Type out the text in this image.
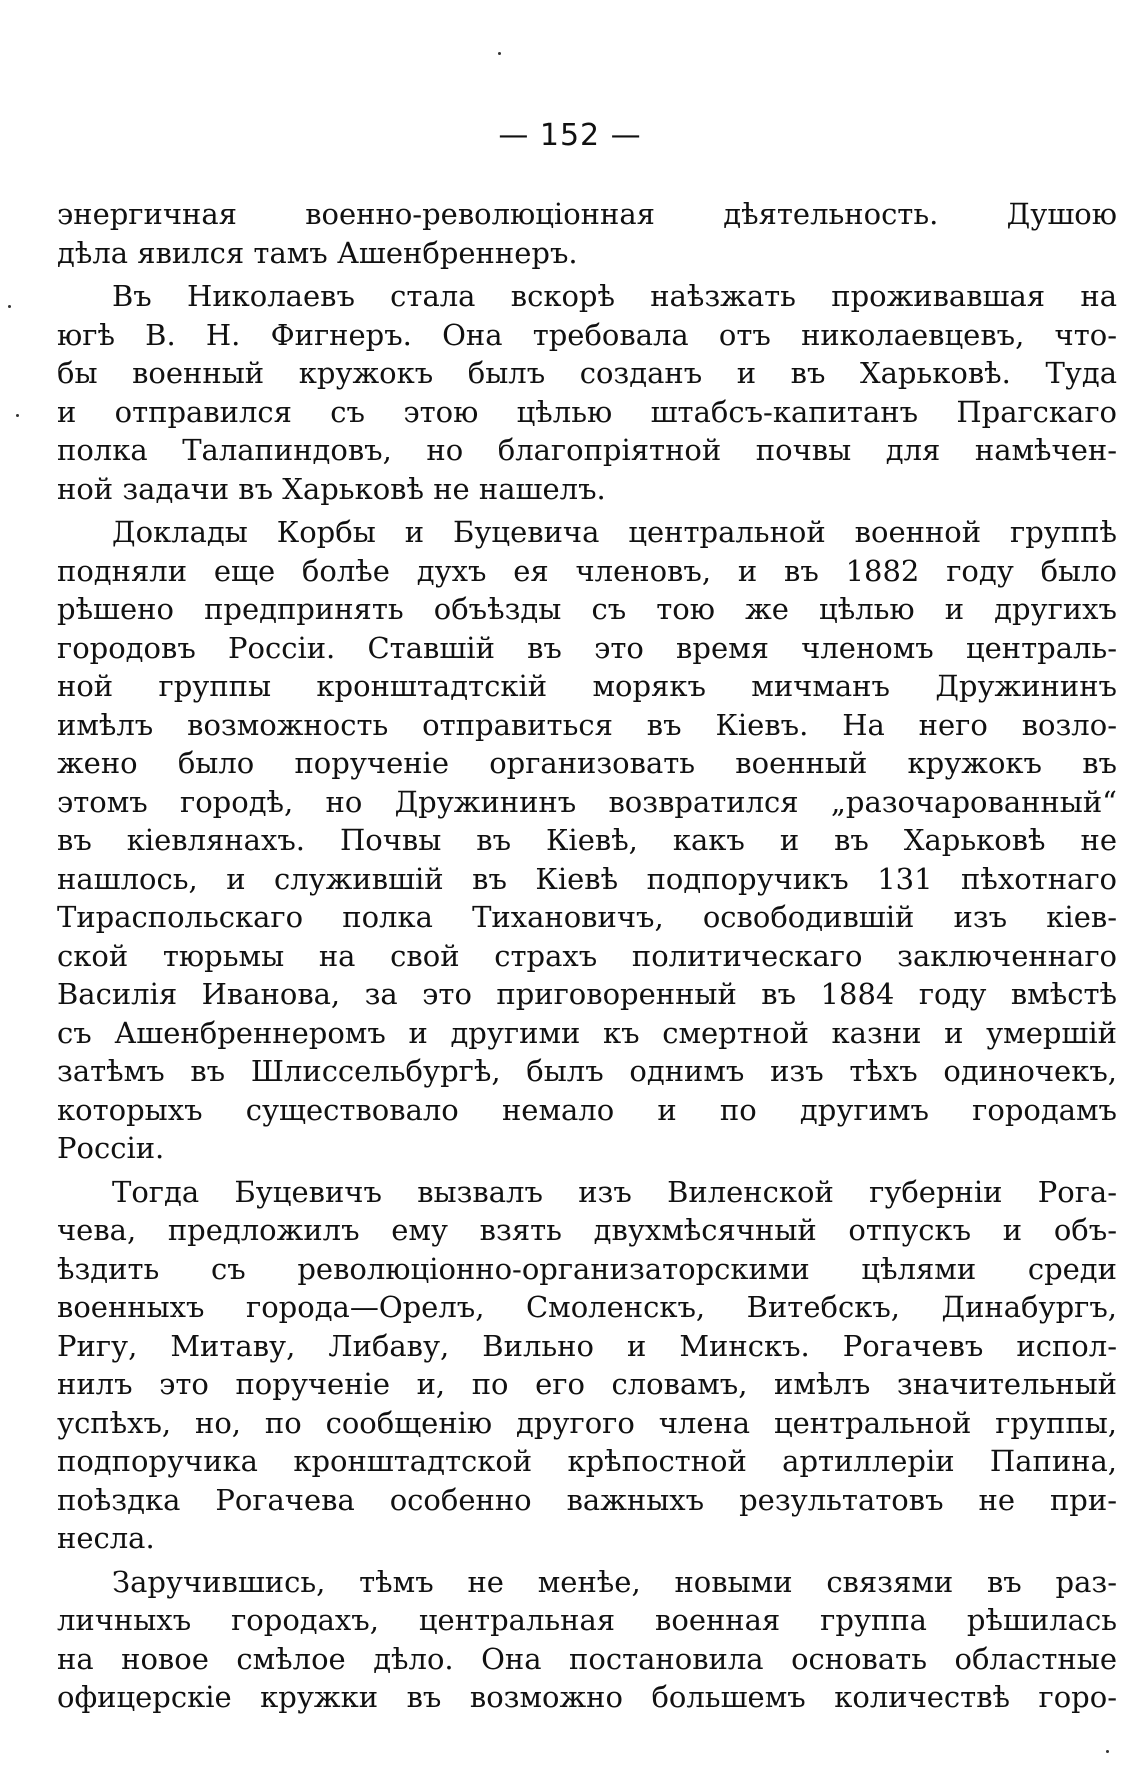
— 152 —
энергичная военно-революціонная дѣятельность. Душою
дѣла явился тамъ Ашенбреннеръ.
Въ Николаевъ стала вскорѣ наѣзжать проживавшая на
югѣ В. Н. Фигнеръ. Она требовала отъ николаевцевъ, что-
бы военный кружокъ былъ созданъ и въ Харьковѣ. Туда
и отправился съ этою цѣлью штабсъ-капитанъ Прагскаго
полка Талапиндовъ, но благопріятной почвы для намѣчен-
ной задачи въ Харьковѣ не нашелъ.
Доклады Корбы и Буцевича центральной военной группѣ
подняли еще болѣе духъ ея членовъ, и въ 1882 году было
рѣшено предпринять объѣзды съ тою же цѣлью и другихъ
городовъ Россіи. Ставшій въ это время членомъ централь-
ной группы кронштадтскій морякъ мичманъ Дружининъ
имѣлъ возможность отправиться въ Кіевъ. На него возло-
жено было порученіе организовать военный кружокъ въ
этомъ городѣ, но Дружининъ возвратился „разочарованный“
въ кіевлянахъ. Почвы въ Кіевѣ, какъ и въ Харьковѣ не
нашлось, и служившій въ Кіевѣ подпоручикъ 131 пѣхотнаго
Тираспольскаго полка Тихановичъ, освободившій изъ кіев-
ской тюрьмы на свой страхъ политическаго заключеннаго
Василія Иванова, за это приговоренный въ 1884 году вмѣстѣ
съ Ашенбреннеромъ и другими къ смертной казни и умершій
затѣмъ въ Шлиссельбургѣ, былъ однимъ изъ тѣхъ одиночекъ,
которыхъ существовало немало и по другимъ городамъ
Россіи.
Тогда Буцевичъ вызвалъ изъ Виленской губерніи Рога-
чева, предложилъ ему взять двухмѣсячный отпускъ и объ-
ѣздить съ революціонно-организаторскими цѣлями среди
военныхъ города—Орелъ, Смоленскъ, Витебскъ, Динабургъ,
Ригу, Митаву, Либаву, Вильно и Минскъ. Рогачевъ испол-
нилъ это порученіе и, по его словамъ, имѣлъ значительный
успѣхъ, но, по сообщенію другого члена центральной группы,
подпоручика кронштадтской крѣпостной артиллеріи Папина,
поѣздка Рогачева особенно важныхъ результатовъ не при-
несла.
Заручившись, тѣмъ не менѣе, новыми связями въ раз-
личныхъ городахъ, центральная военная группа рѣшилась
на новое смѣлое дѣло. Она постановила основать областные
офицерскіе кружки въ возможно большемъ количествѣ горо-
